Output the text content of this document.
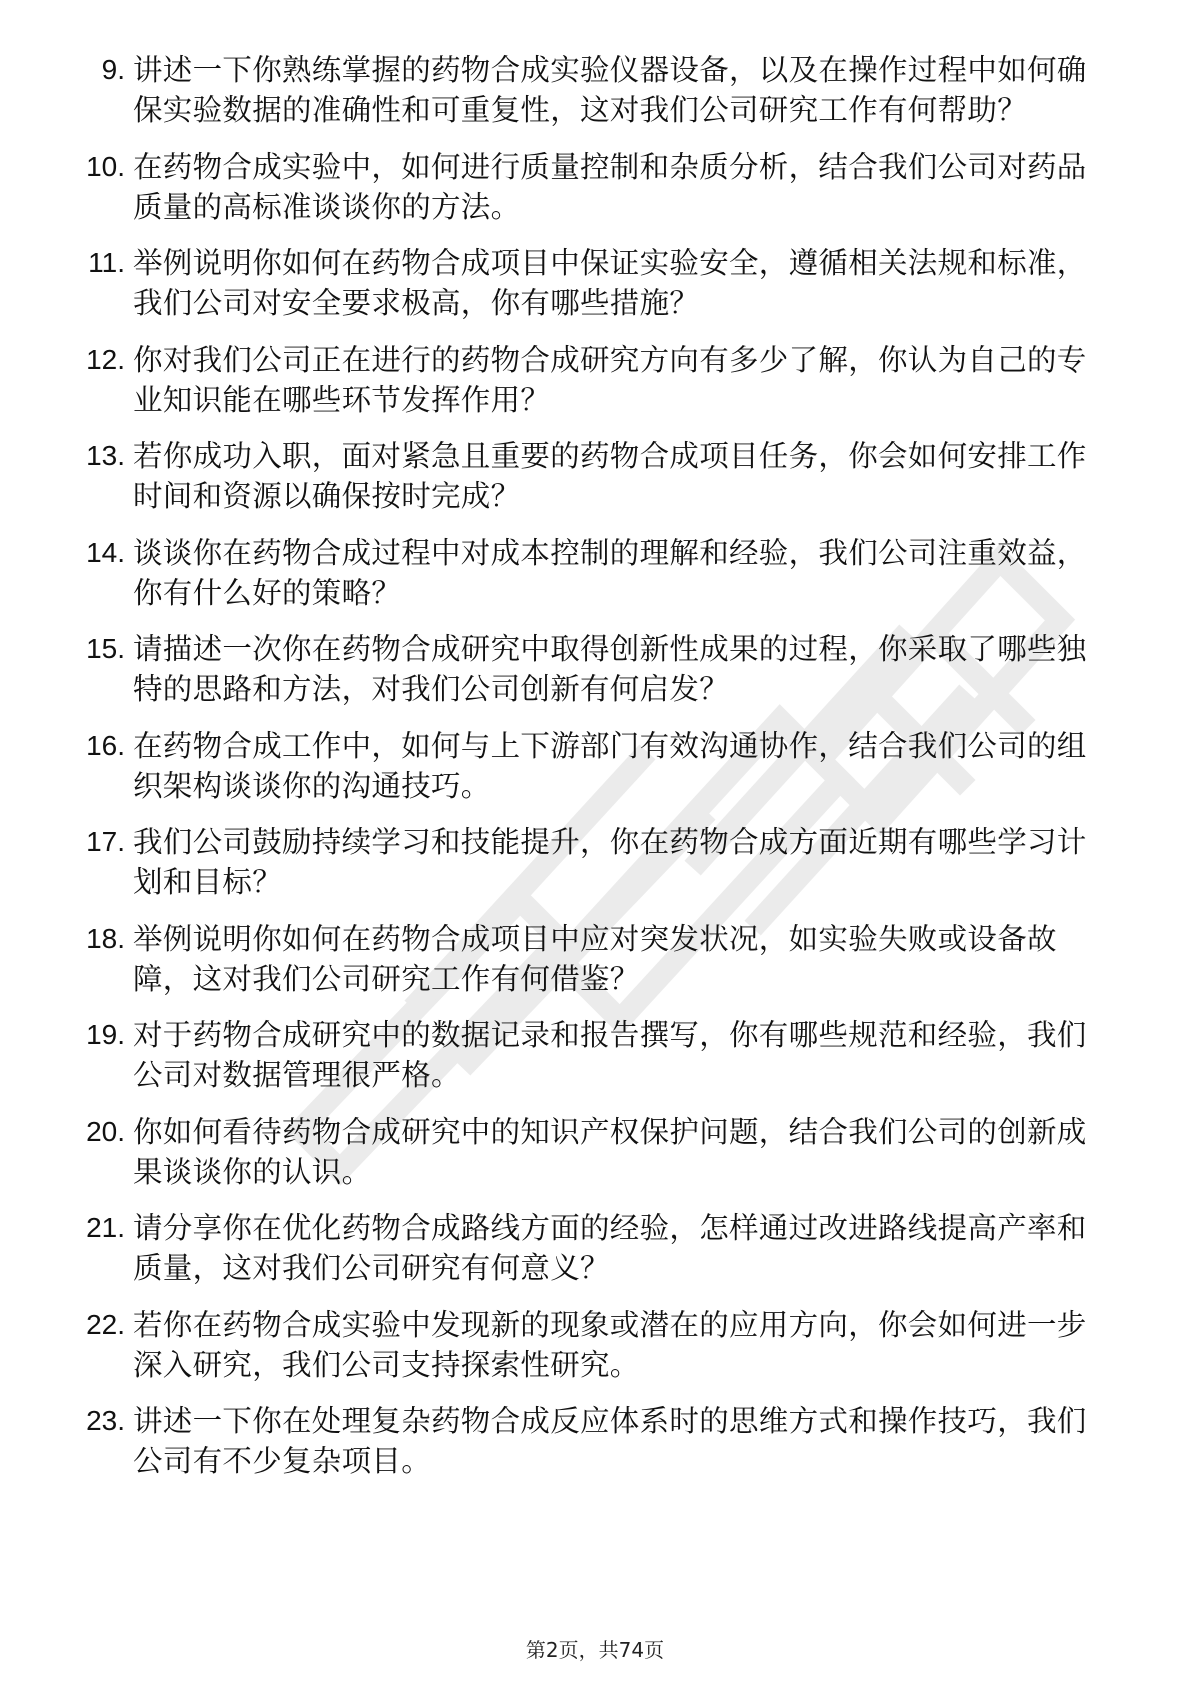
9. 讲述一下你熟练掌握的药物合成实验仪器设备，以及在操作过程中如何确保实验数据的准确性和可重复性，这对我们公司研究工作有何帮助？
10. 在药物合成实验中，如何进行质量控制和杂质分析，结合我们公司对药品质量的高标准谈谈你的方法。
11. 举例说明你如何在药物合成项目中保证实验安全，遵循相关法规和标准，我们公司对安全要求极高，你有哪些措施？
12. 你对我们公司正在进行的药物合成研究方向有多少了解，你认为自己的专业知识能在哪些环节发挥作用？
13. 若你成功入职，面对紧急且重要的药物合成项目任务，你会如何安排工作时间和资源以确保按时完成？
14. 谈谈你在药物合成过程中对成本控制的理解和经验，我们公司注重效益，你有什么好的策略？
15. 请描述一次你在药物合成研究中取得创新性成果的过程，你采取了哪些独特的思路和方法，对我们公司创新有何启发？
16. 在药物合成工作中，如何与上下游部门有效沟通协作，结合我们公司的组织架构谈谈你的沟通技巧。
17. 我们公司鼓励持续学习和技能提升，你在药物合成方面近期有哪些学习计划和目标？
18. 举例说明你如何在药物合成项目中应对突发状况，如实验失败或设备故障，这对我们公司研究工作有何借鉴？
19. 对于药物合成研究中的数据记录和报告撰写，你有哪些规范和经验，我们公司对数据管理很严格。
20. 你如何看待药物合成研究中的知识产权保护问题，结合我们公司的创新成果谈谈你的认识。
21. 请分享你在优化药物合成路线方面的经验，怎样通过改进路线提高产率和质量，这对我们公司研究有何意义？
22. 若你在药物合成实验中发现新的现象或潜在的应用方向，你会如何进一步深入研究，我们公司支持探索性研究。
23. 讲述一下你在处理复杂药物合成反应体系时的思维方式和操作技巧，我们公司有不少复杂项目。
第2页，共74页
